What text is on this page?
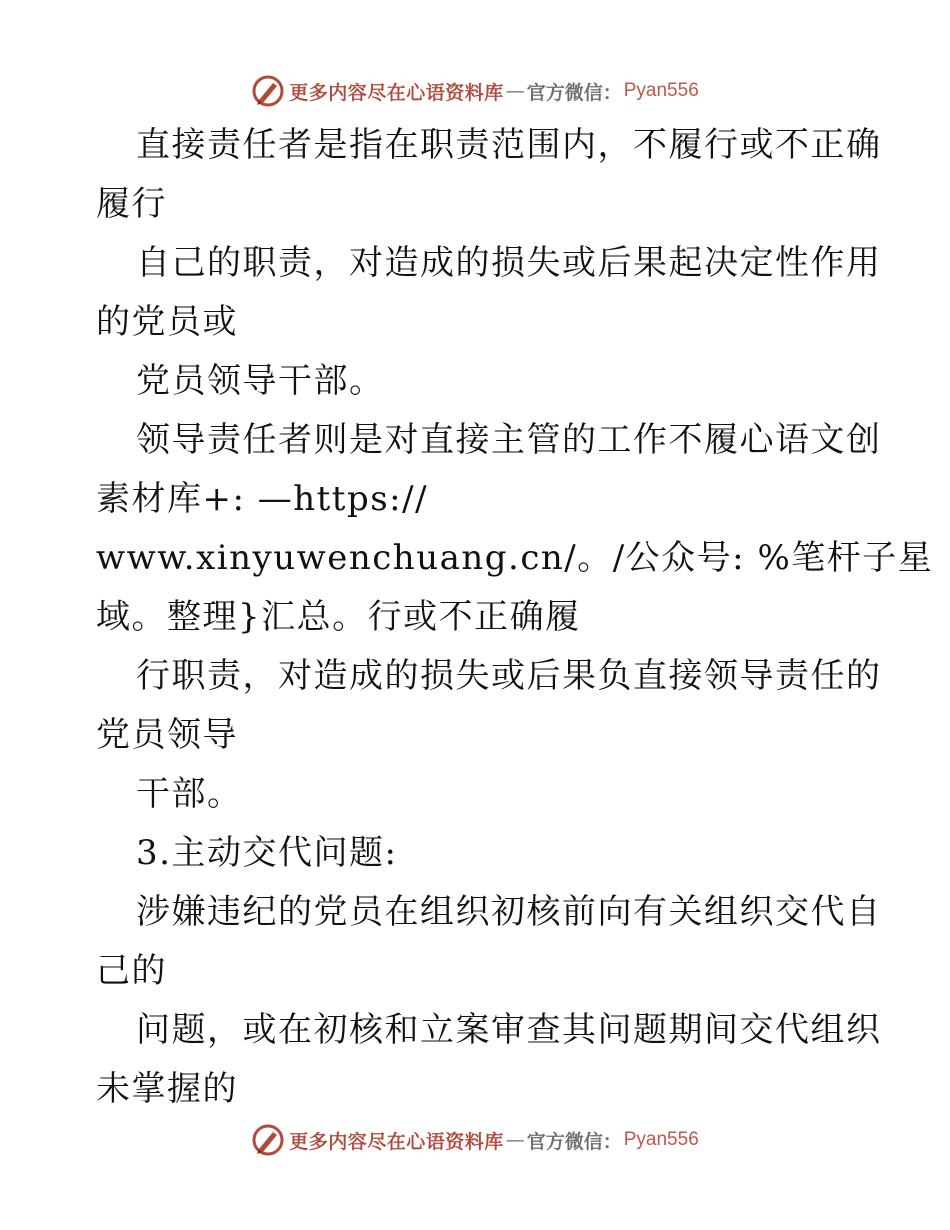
更多内容尽在心语资料库 — 官方微信： Pyan556
直接责任者是指在职责范围内，不履行或不正确
履行
自己的职责，对造成的损失或后果起决定性作用
的党员或
党员领导干部。
领导责任者则是对直接主管的工作不履心语文创
素材库+: —https://
www.xinyuwenchuang.cn/。/公众号: %笔杆子星
域。整理}汇总。行或不正确履
行职责，对造成的损失或后果负直接领导责任的
党员领导
干部。
3.主动交代问题:
涉嫌违纪的党员在组织初核前向有关组织交代自
己的
问题，或在初核和立案审查其问题期间交代组织
未掌握的
更多内容尽在心语资料库 — 官方微信： Pyan556
